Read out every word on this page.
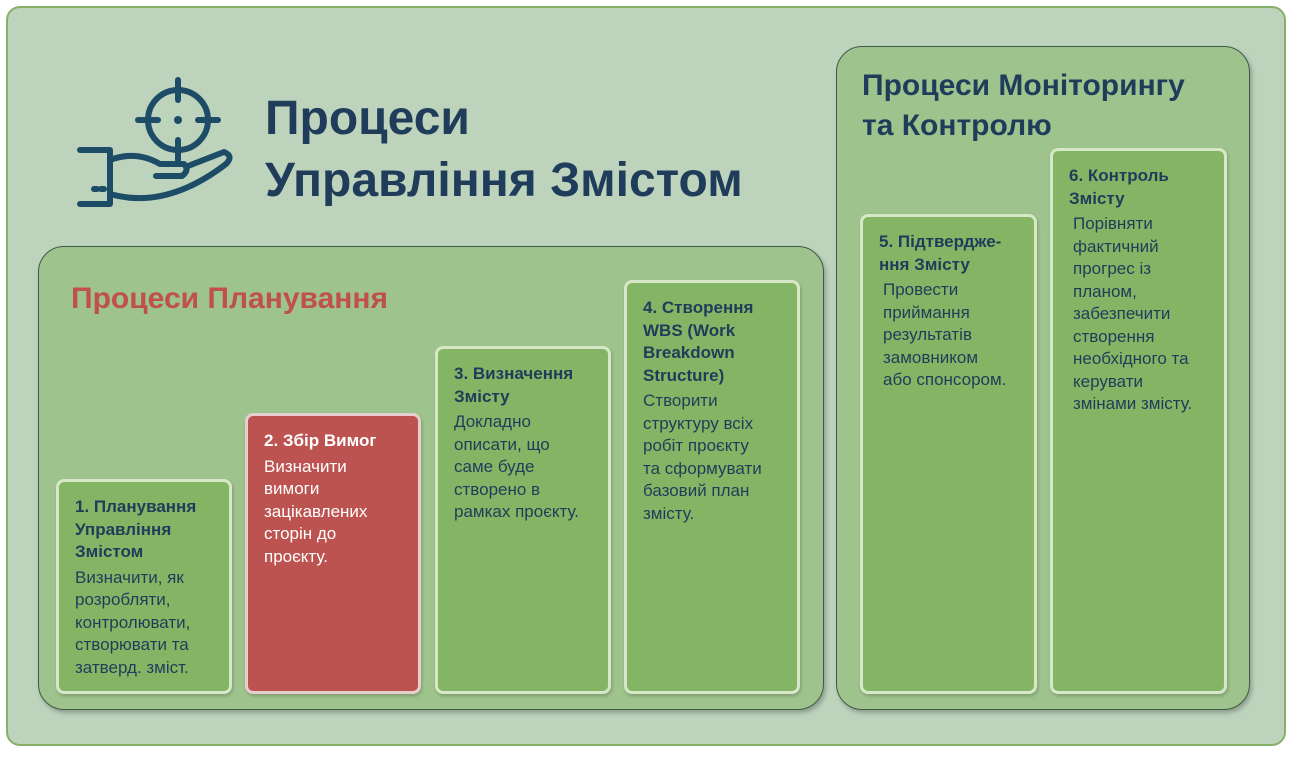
Процеси
Управління Змістом
Процеси Планування
Процеси Моніторингу
та Контролю
1. Планування
Управління
Змістом
Визначити, як
розробляти,
контролювати,
створювати та
затверд. зміст.
2. Збір Вимог
Визначити
вимоги
зацікавлених
сторін до
проєкту.
3. Визначення
Змісту
Докладно
описати, що
саме буде
створено в
рамках проєкту.
4. Створення
WBS (Work
Breakdown
Structure)
Створити
структуру всіх
робіт проєкту
та сформувати
базовий план
змісту.
5. Підтвердже-
ння Змісту
Провести
приймання
результатів
замовником
або спонсором.
6. Контроль
Змісту
Порівняти
фактичний
прогрес із
планом,
забезпечити
створення
необхідного та
керувати
змінами змісту.
